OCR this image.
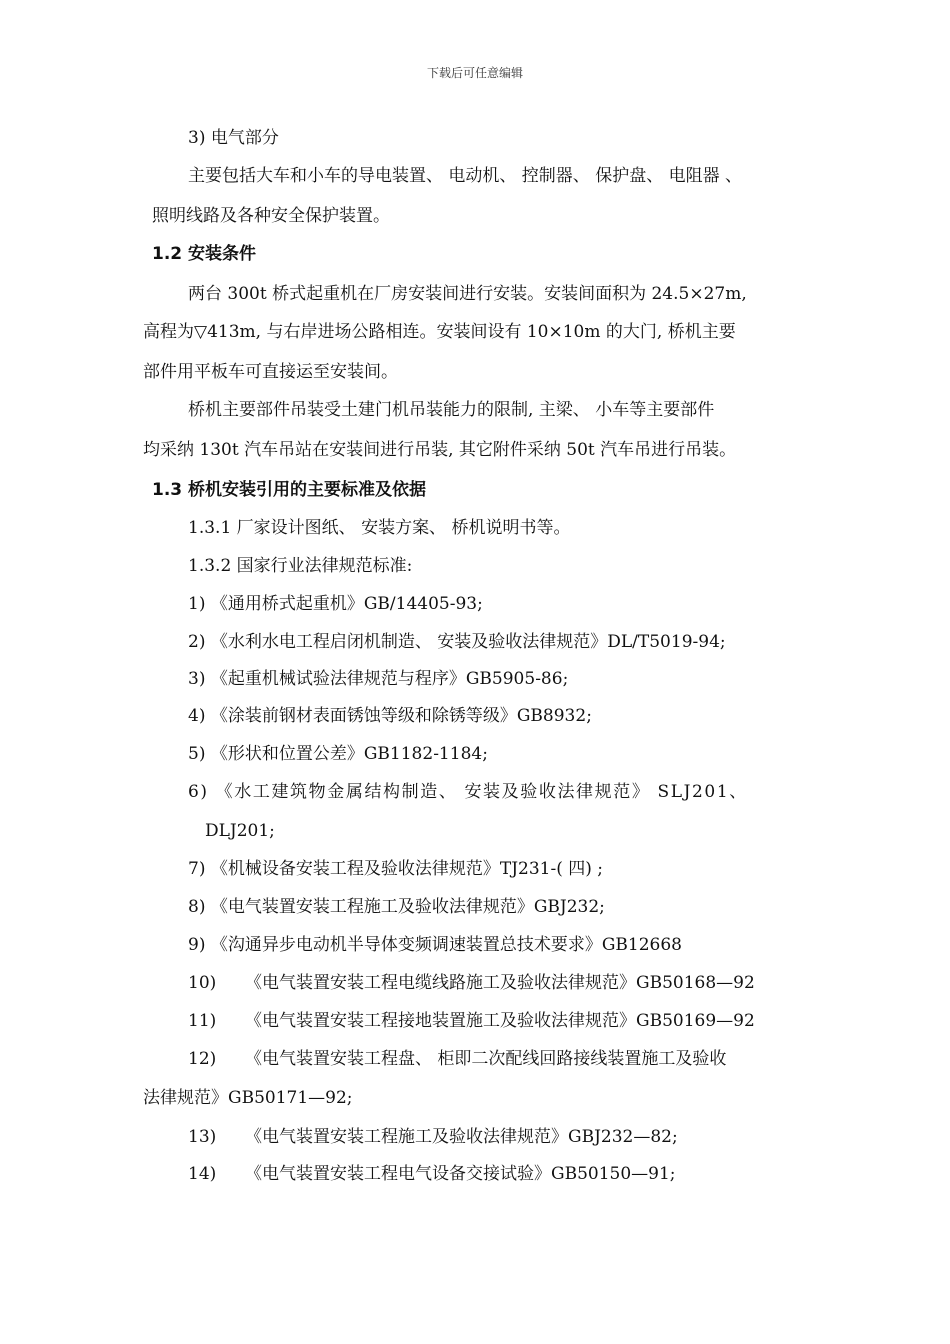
下载后可任意编辑
3) 电气部分
主要包括大车和小车的导电装置、 电动机、 控制器、 保护盘、 电阻器 、
照明线路及各种安全保护装置。
1.2 安装条件
两台 300t 桥式起重机在厂房安装间进行安装。安装间面积为 24.5×27m,
高程为▽413m, 与右岸进场公路相连。安装间设有 10×10m 的大门, 桥机主要
部件用平板车可直接运至安装间。
桥机主要部件吊装受土建门机吊装能力的限制, 主梁、 小车等主要部件
均采纳 130t 汽车吊站在安装间进行吊装, 其它附件采纳 50t 汽车吊进行吊装。
1.3 桥机安装引用的主要标准及依据
1.3.1 厂家设计图纸、 安装方案、 桥机说明书等。
1.3.2 国家行业法律规范标准:
1) 《通用桥式起重机》GB/14405-93;
2) 《水利水电工程启闭机制造、 安装及验收法律规范》DL/T5019-94;
3) 《起重机械试验法律规范与程序》GB5905-86;
4) 《涂装前钢材表面锈蚀等级和除锈等级》GB8932;
5) 《形状和位置公差》GB1182-1184;
6) 《水工建筑物金属结构制造、 安装及验收法律规范》 SLJ201、
DLJ201;
7) 《机械设备安装工程及验收法律规范》TJ231-( 四) ;
8) 《电气装置安装工程施工及验收法律规范》GBJ232;
9) 《沟通异步电动机半导体变频调速装置总技术要求》GB12668
10) 《电气装置安装工程电缆线路施工及验收法律规范》GB50168—92
11) 《电气装置安装工程接地装置施工及验收法律规范》GB50169—92
12) 《电气装置安装工程盘、 柜即二次配线回路接线装置施工及验收
法律规范》GB50171—92;
13) 《电气装置安装工程施工及验收法律规范》GBJ232—82;
14) 《电气装置安装工程电气设备交接试验》GB50150—91;
